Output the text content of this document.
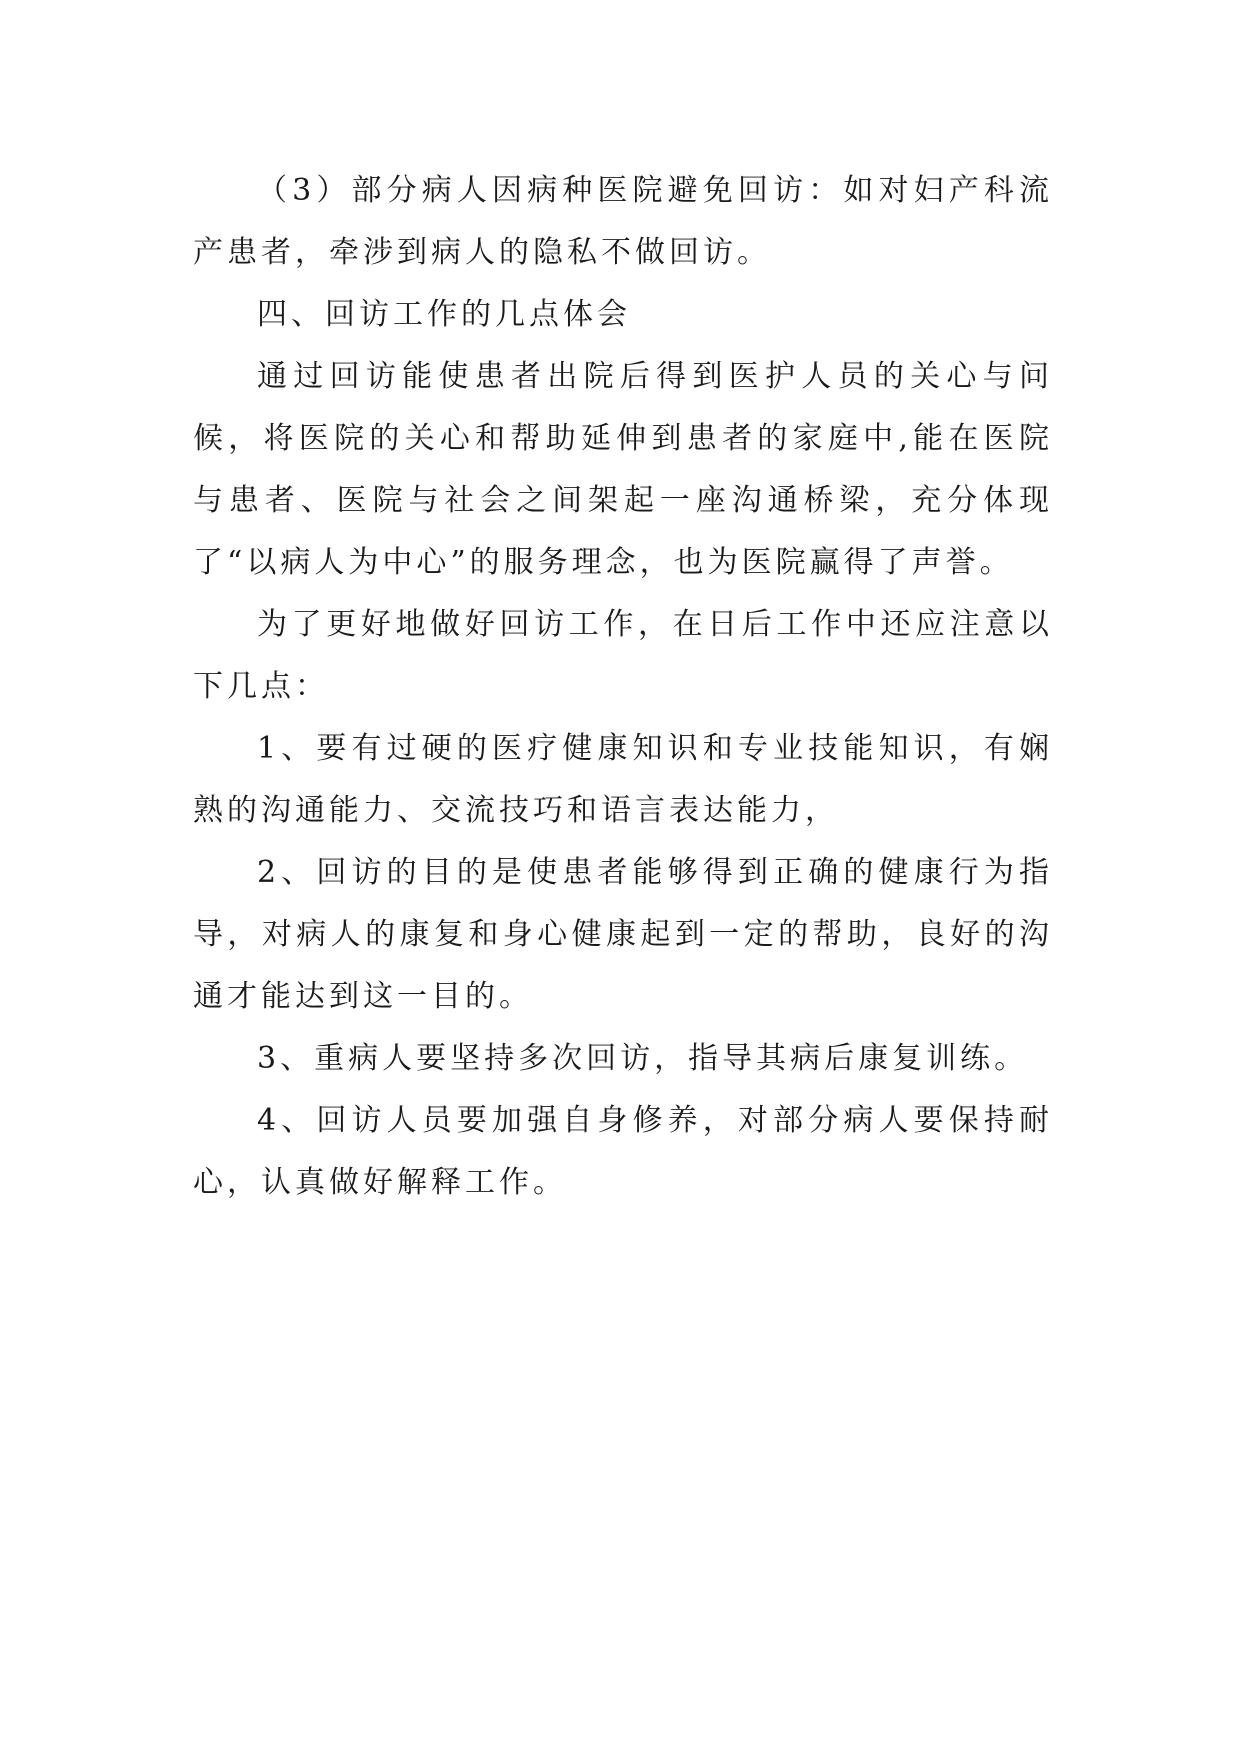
（3）部分病人因病种医院避免回访：如对妇产科流产患者，牵涉到病人的隐私不做回访。

四、回访工作的几点体会

通过回访能使患者出院后得到医护人员的关心与问候，将医院的关心和帮助延伸到患者的家庭中,能在医院与患者、医院与社会之间架起一座沟通桥梁，充分体现了“以病人为中心”的服务理念，也为医院赢得了声誉。

为了更好地做好回访工作，在日后工作中还应注意以下几点：

1、要有过硬的医疗健康知识和专业技能知识，有娴熟的沟通能力、交流技巧和语言表达能力，

2、回访的目的是使患者能够得到正确的健康行为指导，对病人的康复和身心健康起到一定的帮助，良好的沟通才能达到这一目的。

3、重病人要坚持多次回访，指导其病后康复训练。

4、回访人员要加强自身修养，对部分病人要保持耐心，认真做好解释工作。
